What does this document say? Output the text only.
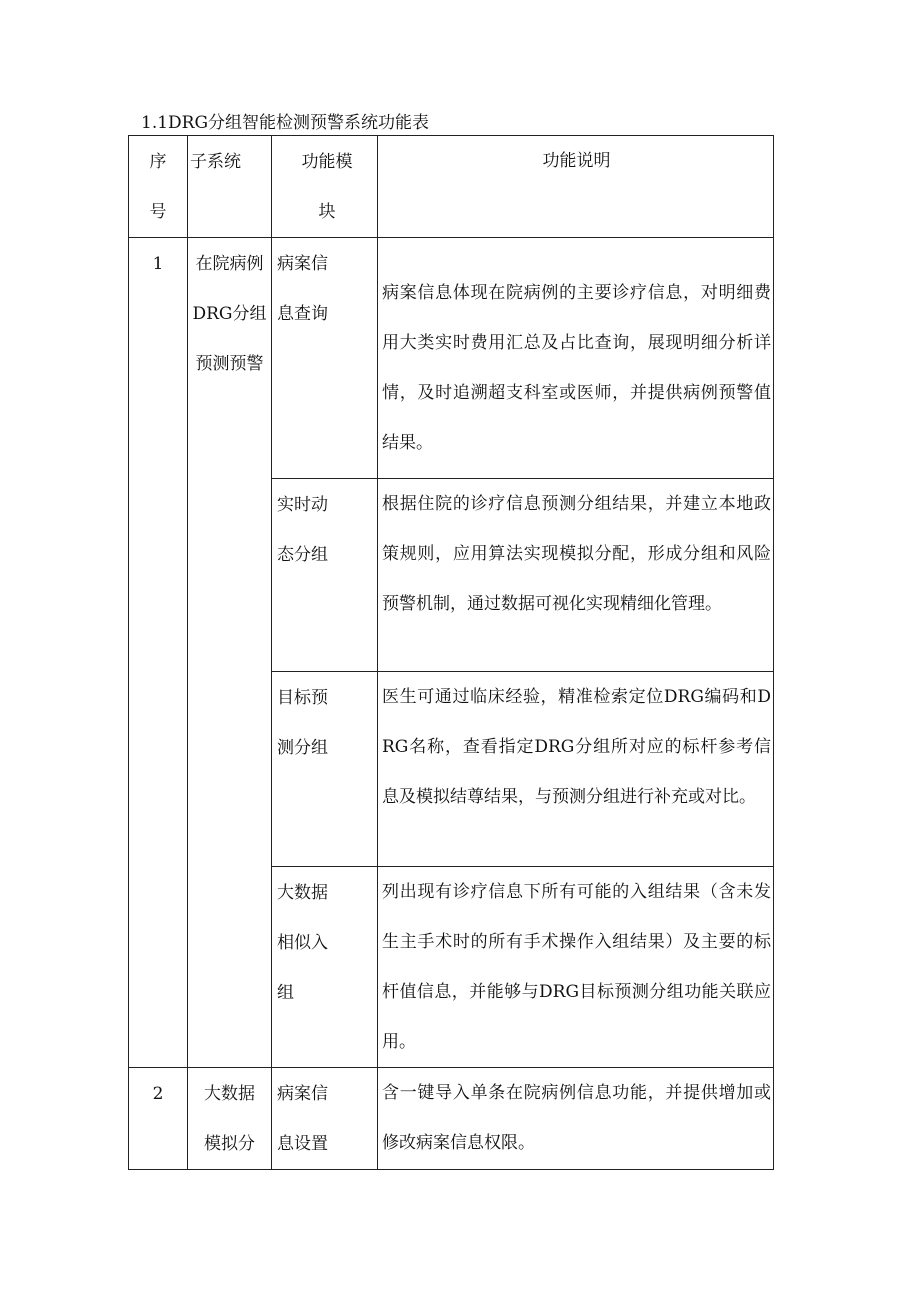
1.1DRG分组智能检测预警系统功能表
序
号	子系统	功能模
块	功能说明

1	在院病例
DRG分组
预测预警	病案信
息查询	病案信息体现在院病例的主要诊疗信息，对明细费用大类实时费用汇总及占比查询，展现明细分析详情，及时追溯超支科室或医师，并提供病例预警值结果。

		实时动
态分组	根据住院的诊疗信息预测分组结果，并建立本地政策规则，应用算法实现模拟分配，形成分组和风险预警机制，通过数据可视化实现精细化管理。

		目标预
测分组	医生可通过临床经验，精准检索定位DRG编码和DRG名称，查看指定DRG分组所对应的标杆参考信息及模拟结尊结果，与预测分组进行补充或对比。

		大数据
相似入
组	列出现有诊疗信息下所有可能的入组结果（含未发生主手术时的所有手术操作入组结果）及主要的标杆值信息，并能够与DRG目标预测分组功能关联应用。

2	大数据
模拟分	病案信
息设置	含一键导入单条在院病例信息功能，并提供增加或修改病案信息权限。
